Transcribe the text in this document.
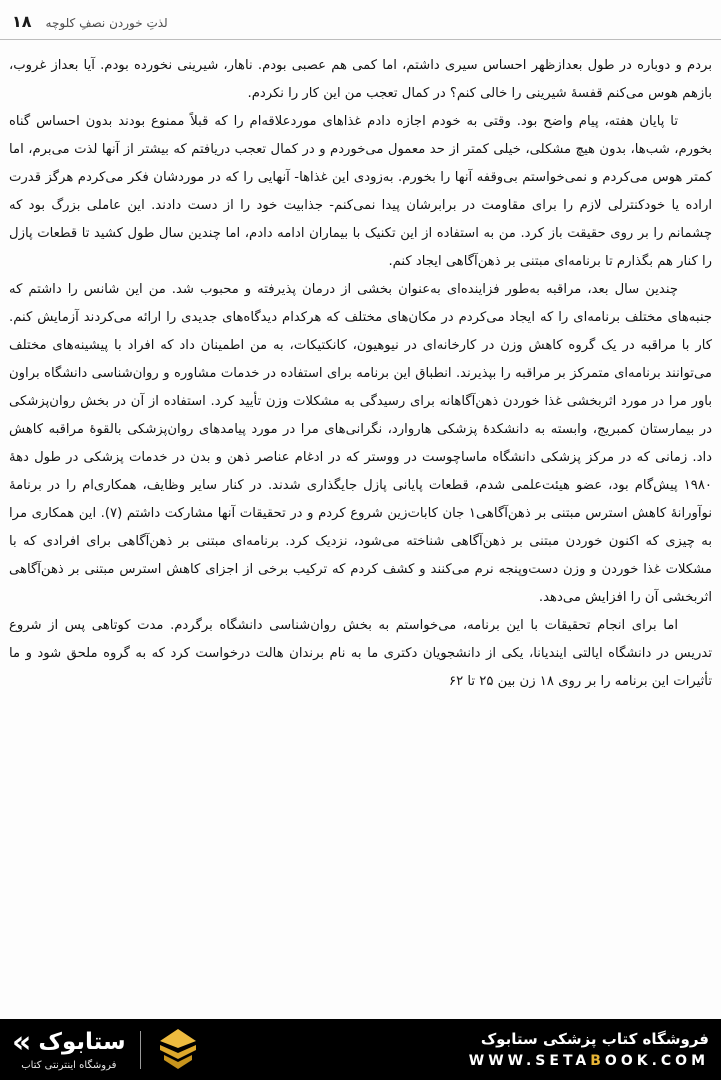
۱۸ لذتِ خوردن نصفِ کلوچه

بردم و دوباره در طول بعدازظهر احساس سیری داشتم، اما کمی هم عصبی بودم. ناهار، شیرینی نخورده بودم. آیا بعداز غروب، بازهم هوس می‌کنم قفسهٔ شیرینی را خالی کنم؟ در کمال تعجب من این کار را نکردم.

تا پایان هفته، پیام واضح بود. وقتی به خودم اجازه دادم غذاهای موردعلاقه‌ام را که قبلاً ممنوع بودند بدون احساس گناه بخورم، شب‌ها، بدون هیچ مشکلی، خیلی کمتر از حد معمول می‌خوردم و در کمال تعجب دریافتم که بیشتر از آنها لذت می‌برم، اما کمتر هوس می‌کردم و نمی‌خواستم بی‌وقفه آنها را بخورم. به‌زودی این غذاها- آنهایی را که در موردشان فکر می‌کردم هرگز قدرت اراده یا خودکنترلی لازم را برای مقاومت در برابرشان پیدا نمی‌کنم- جذابیت خود را از دست دادند. این عاملی بزرگ بود که چشمانم را بر روی حقیقت باز کرد. من به استفاده از این تکنیک با بیماران ادامه دادم، اما چندین سال طول کشید تا قطعات پازل را کنار هم بگذارم تا برنامه‌ای مبتنی بر ذهن‌آگاهی ایجاد کنم.

چندین سال بعد، مراقبه به‌طور فزاینده‌ای به‌عنوان بخشی از درمان پذیرفته و محبوب شد. من این شانس را داشتم که جنبه‌های مختلف برنامه‌ای را که ایجاد می‌کردم در مکان‌های مختلف که هرکدام دیدگاه‌های جدیدی را ارائه می‌کردند آزمایش کنم. کار با مراقبه در یک گروه کاهش وزن در کارخانه‌ای در نیوهیون، کانکتیکات، به من اطمینان داد که افراد با پیشینه‌های مختلف می‌توانند برنامه‌ای متمرکز بر مراقبه را بپذیرند. انطباق این برنامه برای استفاده در خدمات مشاوره و روان‌شناسی دانشگاه براون باور مرا در مورد اثربخشی غذا خوردن ذهن‌آگاهانه برای رسیدگی به مشکلات وزن تأیید کرد. استفاده از آن در بخش روان‌پزشکی در بیمارستان کمبریج، وابسته به دانشکدهٔ پزشکی هاروارد، نگرانی‌های مرا در مورد پیامدهای روان‌پزشکی بالقوهٔ مراقبه کاهش داد. زمانی که در مرکز پزشکی دانشگاه ماساچوست در ووستر که در ادغام عناصر ذهن و بدن در خدمات پزشکی در طول دههٔ ۱۹۸۰ پیش‌گام بود، عضو هیئت‌علمی شدم، قطعات پایانی پازل جایگذاری شدند. در کنار سایر وظایف، همکاری‌ام را در برنامهٔ نوآورانهٔ کاهش استرس مبتنی بر ذهن‌آگاهی۱ جان کابات‌زین شروع کردم و در تحقیقات آنها مشارکت داشتم (۷). این همکاری مرا به چیزی که اکنون خوردن مبتنی بر ذهن‌آگاهی شناخته می‌شود، نزدیک کرد. برنامه‌ای مبتنی بر ذهن‌آگاهی برای افرادی که با مشکلات غذا خوردن و وزن دست‌وپنجه نرم می‌کنند و کشف کردم که ترکیب برخی از اجزای کاهش استرس مبتنی بر ذهن‌آگاهی اثربخشی آن را افزایش می‌دهد.

اما برای انجام تحقیقات با این برنامه، می‌خواستم به بخش روان‌شناسی دانشگاه برگردم. مدت کوتاهی پس از شروع تدریس در دانشگاه ایالتی ایندیانا، یکی از دانشجویان دکتری ما به نام برندان هالت درخواست کرد که به گروه ملحق شود و ما تأثیرات این برنامه را بر روی ۱۸ زن بین ۲۵ تا ۶۲

« ستابوک
فروشگاه اینترنتی کتاب
فروشگاه کتاب پزشکی ستابوک
WWW.SETABOOK.COM
